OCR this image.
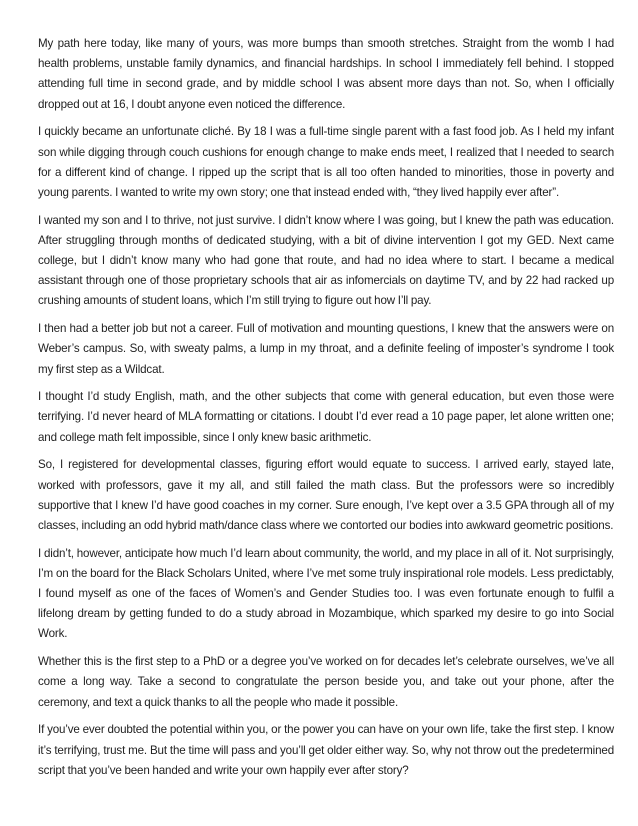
My path here today, like many of yours, was more bumps than smooth stretches. Straight from the womb I had health problems, unstable family dynamics, and financial hardships. In school I immediately fell behind. I stopped attending full time in second grade, and by middle school I was absent more days than not. So, when I officially dropped out at 16, I doubt anyone even noticed the difference.

I quickly became an unfortunate cliché. By 18 I was a full-time single parent with a fast food job. As I held my infant son while digging through couch cushions for enough change to make ends meet, I realized that I needed to search for a different kind of change. I ripped up the script that is all too often handed to minorities, those in poverty and young parents. I wanted to write my own story; one that instead ended with, “they lived happily ever after”.

I wanted my son and I to thrive, not just survive. I didn’t know where I was going, but I knew the path was education. After struggling through months of dedicated studying, with a bit of divine intervention I got my GED. Next came college, but I didn’t know many who had gone that route, and had no idea where to start. I became a medical assistant through one of those proprietary schools that air as infomercials on daytime TV, and by 22 had racked up crushing amounts of student loans, which I’m still trying to figure out how I’ll pay.

I then had a better job but not a career. Full of motivation and mounting questions, I knew that the answers were on Weber’s campus. So, with sweaty palms, a lump in my throat, and a definite feeling of imposter’s syndrome I took my first step as a Wildcat.

I thought I’d study English, math, and the other subjects that come with general education, but even those were terrifying. I’d never heard of MLA formatting or citations. I doubt I’d ever read a 10 page paper, let alone written one; and college math felt impossible, since I only knew basic arithmetic.

So, I registered for developmental classes, figuring effort would equate to success. I arrived early, stayed late, worked with professors, gave it my all, and still failed the math class. But the professors were so incredibly supportive that I knew I’d have good coaches in my corner. Sure enough, I’ve kept over a 3.5 GPA through all of my classes, including an odd hybrid math/dance class where we contorted our bodies into awkward geometric positions.

I didn’t, however, anticipate how much I’d learn about community, the world, and my place in all of it. Not surprisingly, I’m on the board for the Black Scholars United, where I’ve met some truly inspirational role models. Less predictably, I found myself as one of the faces of Women’s and Gender Studies too. I was even fortunate enough to fulfil a lifelong dream by getting funded to do a study abroad in Mozambique, which sparked my desire to go into Social Work.

Whether this is the first step to a PhD or a degree you’ve worked on for decades let’s celebrate ourselves, we’ve all come a long way. Take a second to congratulate the person beside you, and take out your phone, after the ceremony, and text a quick thanks to all the people who made it possible.

If you’ve ever doubted the potential within you, or the power you can have on your own life, take the first step. I know it’s terrifying, trust me. But the time will pass and you’ll get older either way. So, why not throw out the predetermined script that you’ve been handed and write your own happily ever after story?
